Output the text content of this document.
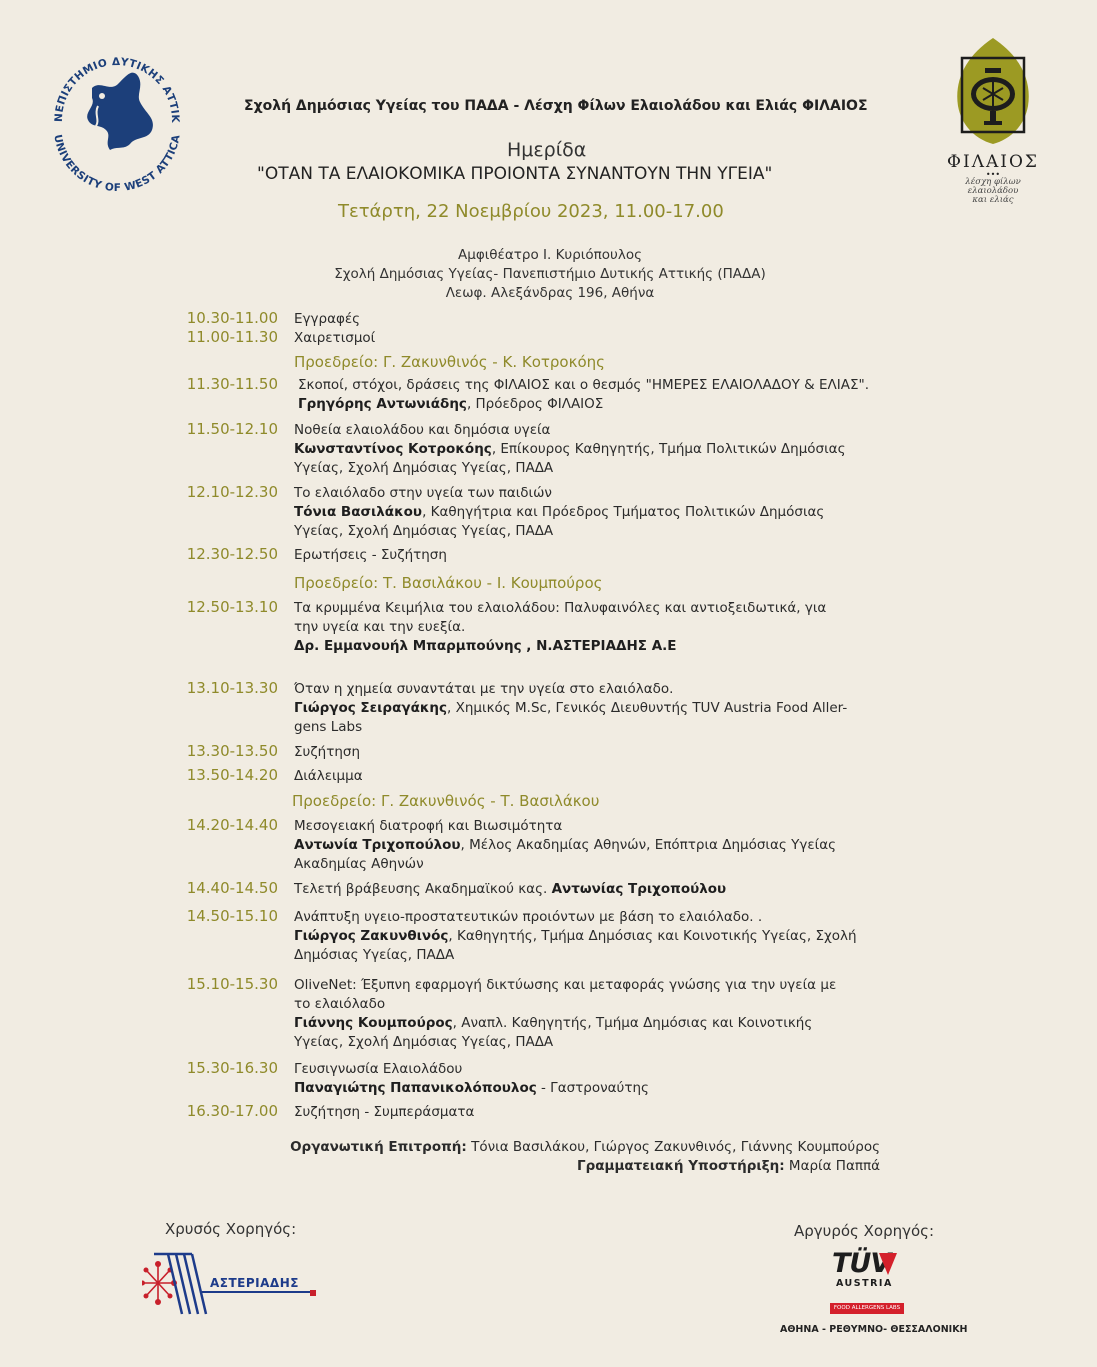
ΝΕΠΙΣΤΗΜΙΟ ΔΥΤΙΚΗΣ ΑΤΤΙΚ
UNIVERSITY OF WEST ATTICA
ΦΙΛΑΙΟΣ
•••
λέσχη φίλων
ελαιολάδου
και ελιάς
Σχολή Δημόσιας Υγείας του ΠΑΔΑ - Λέσχη Φίλων Ελαιολάδου και Ελιάς ΦΙΛΑΙΟΣ
Ημερίδα
"ΟΤΑΝ ΤΑ ΕΛΑΙΟΚΟΜΙΚΑ ΠΡΟΙΟΝΤΑ ΣΥΝΑΝΤΟΥΝ ΤΗΝ ΥΓΕΙΑ"
Τετάρτη, 22 Νοεμβρίου 2023, 11.00-17.00
Αμφιθέατρο Ι. Κυριόπουλος
Σχολή Δημόσιας Υγείας- Πανεπιστήμιο Δυτικής Αττικής (ΠΑΔΑ)
Λεωφ. Αλεξάνδρας 196, Αθήνα
10.30-11.00 Εγγραφές
11.00-11.30 Χαιρετισμοί
Προεδρείο: Γ. Ζακυνθινός - Κ. Κοτροκόης
11.30-11.50 Σκοποί, στόχοι, δράσεις της ΦΙΛΑΙΟΣ και ο θεσμός "ΗΜΕΡΕΣ ΕΛΑΙΟΛΑΔΟΥ & ΕΛΙΑΣ".
Γρηγόρης Αντωνιάδης, Πρόεδρος ΦΙΛΑΙΟΣ
11.50-12.10 Νοθεία ελαιολάδου και δημόσια υγεία
Κωνσταντίνος Κοτροκόης, Επίκουρος Καθηγητής, Τμήμα Πολιτικών Δημόσιας
Υγείας, Σχολή Δημόσιας Υγείας, ΠΑΔΑ
12.10-12.30 Το ελαιόλαδο στην υγεία των παιδιών
Τόνια Βασιλάκου, Καθηγήτρια και Πρόεδρος Τμήματος Πολιτικών Δημόσιας
Υγείας, Σχολή Δημόσιας Υγείας, ΠΑΔΑ
12.30-12.50 Ερωτήσεις - Συζήτηση
Προεδρείο: Τ. Βασιλάκου - Ι. Κουμπούρος
12.50-13.10 Τα κρυμμένα Κειμήλια του ελαιολάδου: Παλυφαινόλες και αντιοξειδωτικά, για
την υγεία και την ευεξία.
Δρ. Εμμανουήλ Μπαρμπούνης , Ν.ΑΣΤΕΡΙΑΔΗΣ Α.Ε
13.10-13.30 Όταν η χημεία συναντάται με την υγεία στο ελαιόλαδο.
Γιώργος Σειραγάκης, Χημικός M.Sc, Γενικός Διευθυντής TUV Austria Food Aller-
gens Labs
13.30-13.50 Συζήτηση
13.50-14.20 Διάλειμμα
Προεδρείο: Γ. Ζακυνθινός - Τ. Βασιλάκου
14.20-14.40 Μεσογειακή διατροφή και Βιωσιμότητα
Αντωνία Τριχοπούλου, Μέλος Ακαδημίας Αθηνών, Επόπτρια Δημόσιας Υγείας
Ακαδημίας Αθηνών
14.40-14.50 Τελετή βράβευσης Ακαδημαϊκού κας. Αντωνίας Τριχοπούλου
14.50-15.10 Ανάπτυξη υγειο-προστατευτικών προιόντων με βάση το ελαιόλαδο. .
Γιώργος Ζακυνθινός, Καθηγητής, Τμήμα Δημόσιας και Κοινοτικής Υγείας, Σχολή
Δημόσιας Υγείας, ΠΑΔΑ
15.10-15.30 OliveNet: Έξυπνη εφαρμογή δικτύωσης και μεταφοράς γνώσης για την υγεία με
το ελαιόλαδο
Γιάννης Κουμπούρος, Αναπλ. Καθηγητής, Τμήμα Δημόσιας και Κοινοτικής
Υγείας, Σχολή Δημόσιας Υγείας, ΠΑΔΑ
15.30-16.30 Γευσιγνωσία Ελαιολάδου
Παναγιώτης Παπανικολόπουλος - Γαστροναύτης
16.30-17.00 Συζήτηση - Συμπεράσματα
Οργανωτική Επιτροπή: Τόνια Βασιλάκου, Γιώργος Ζακυνθινός, Γιάννης Κουμπούρος
Γραμματειακή Υποστήριξη: Μαρία Παππά
Χρυσός Χορηγός:
ΑΣΤΕΡΙΑΔΗΣ
Αργυρός Χορηγός:
TÜV
AUSTRIA
FOOD ALLERGENS LABS
ΑΘΗΝΑ - ΡΕΘΥΜΝΟ- ΘΕΣΣΑΛΟΝΙΚΗ
